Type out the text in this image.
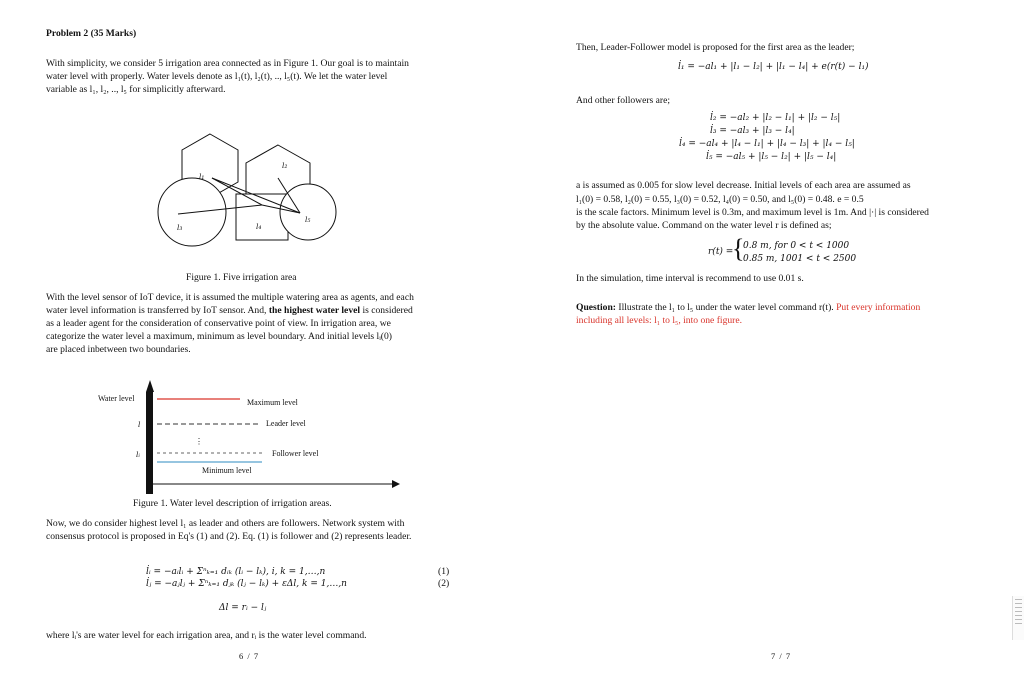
Problem 2 (35 Marks)
With simplicity, we consider 5 irrigation area connected as in Figure 1. Our goal is to maintain
water level with properly. Water levels denote as l₁(t), l₂(t), .., l₅(t). We let the water level
variable as l₁, l₂, .., l₅ for simplicitly afterward.
l₁
l₂
l₃	l₄
l₅
Figure 1. Five irrigation area
With the level sensor of IoT device, it is assumed the multiple watering area as agents, and each
water level information is transferred by IoT sensor. And, the highest water level is considered
as a leader agent for the consideration of conservative point of view. In irrigation area, we
categorize the water level a maximum, minimum as level boundary. And initial levels lᵢ(0)
are placed inbetween two boundaries.
Water level
l
lᵢ
⋮
Maximum level
Leader level
Follower level
Minimum level
Figure 1. Water level description of irrigation areas.
Now, we do consider highest level l₁ as leader and others are followers. Network system with
consensus protocol is proposed in Eq's (1) and (2). Eq. (1) is follower and (2) represents leader.
l̇ᵢ = −aᵢlᵢ + Σⁿₖ₌₁ dᵢₖ (lᵢ − lₖ), i, k = 1,…,n	(1)
l̇ⱼ = −aⱼlⱼ + Σⁿₖ₌₁ dⱼₖ (lⱼ − lₖ) + εΔl, k = 1,…,n	(2)
Δl = rᵢ − lⱼ
where lᵢ's are water level for each irrigation area, and rᵢ is the water level command.
6 / 7
Then, Leader-Follower model is proposed for the first area as the leader;
l̇₁ = −al₁ + |l₁ − l₂| + |l₁ − l₄| + e(r(t) − l₁)
And other followers are;
l̇₂ = −al₂ + |l₂ − l₁| + |l₂ − l₅|
l̇₃ = −al₃ + |l₃ − l₄|
l̇₄ = −al₄ + |l₄ − l₁| + |l₄ − l₃| + |l₄ − l₅|
l̇₅ = −al₅ + |l₅ − l₂| + |l₅ − l₄|
a is assumed as 0.005 for slow level decrease. Initial levels of each area are assumed as
l₁(0) = 0.58, l₂(0) = 0.55, l₃(0) = 0.52, l₄(0) = 0.50, and l₅(0) = 0.48. e = 0.5
is the scale factors. Minimum level is 0.3m, and maximum level is 1m. And |·| is considered
by the absolute value. Command on the water level r is defined as;
r(t) =
{
0.8 m, for 0 < t < 1000
0.85 m, 1001 < t < 2500
In the simulation, time interval is recommend to use 0.01 s.
Question: Illustrate the l₁ to l₅ under the water level command r(t). Put every information
including all levels: l₁ to l₅, into one figure.
7 / 7
